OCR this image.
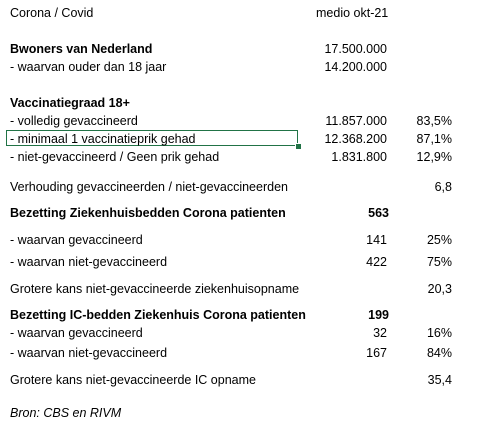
Corona / Covid	medio okt-21
Bwoners van Nederland	17.500.000
- waarvan ouder dan 18 jaar	14.200.000
Vaccinatiegraad 18+
- volledig gevaccineerd	11.857.000 83,5%
- minimaal 1 vaccinatieprik gehad	12.368.200 87,1%
- niet-gevaccineerd / Geen prik gehad	1.831.800 12,9%
Verhouding gevaccineerden / niet-gevaccineerden	6,8
Bezetting Ziekenhuisbedden Corona patienten	563
- waarvan gevaccineerd	141	25%
- waarvan niet-gevaccineerd	422	75%
Grotere kans niet-gevaccineerde ziekenhuisopname	20,3
Bezetting IC-bedden Ziekenhuis Corona patienten	199
- waarvan gevaccineerd	32	16%
- waarvan niet-gevaccineerd	167	84%
Grotere kans niet-gevaccineerde IC opname	35,4
Bron: CBS en RIVM
